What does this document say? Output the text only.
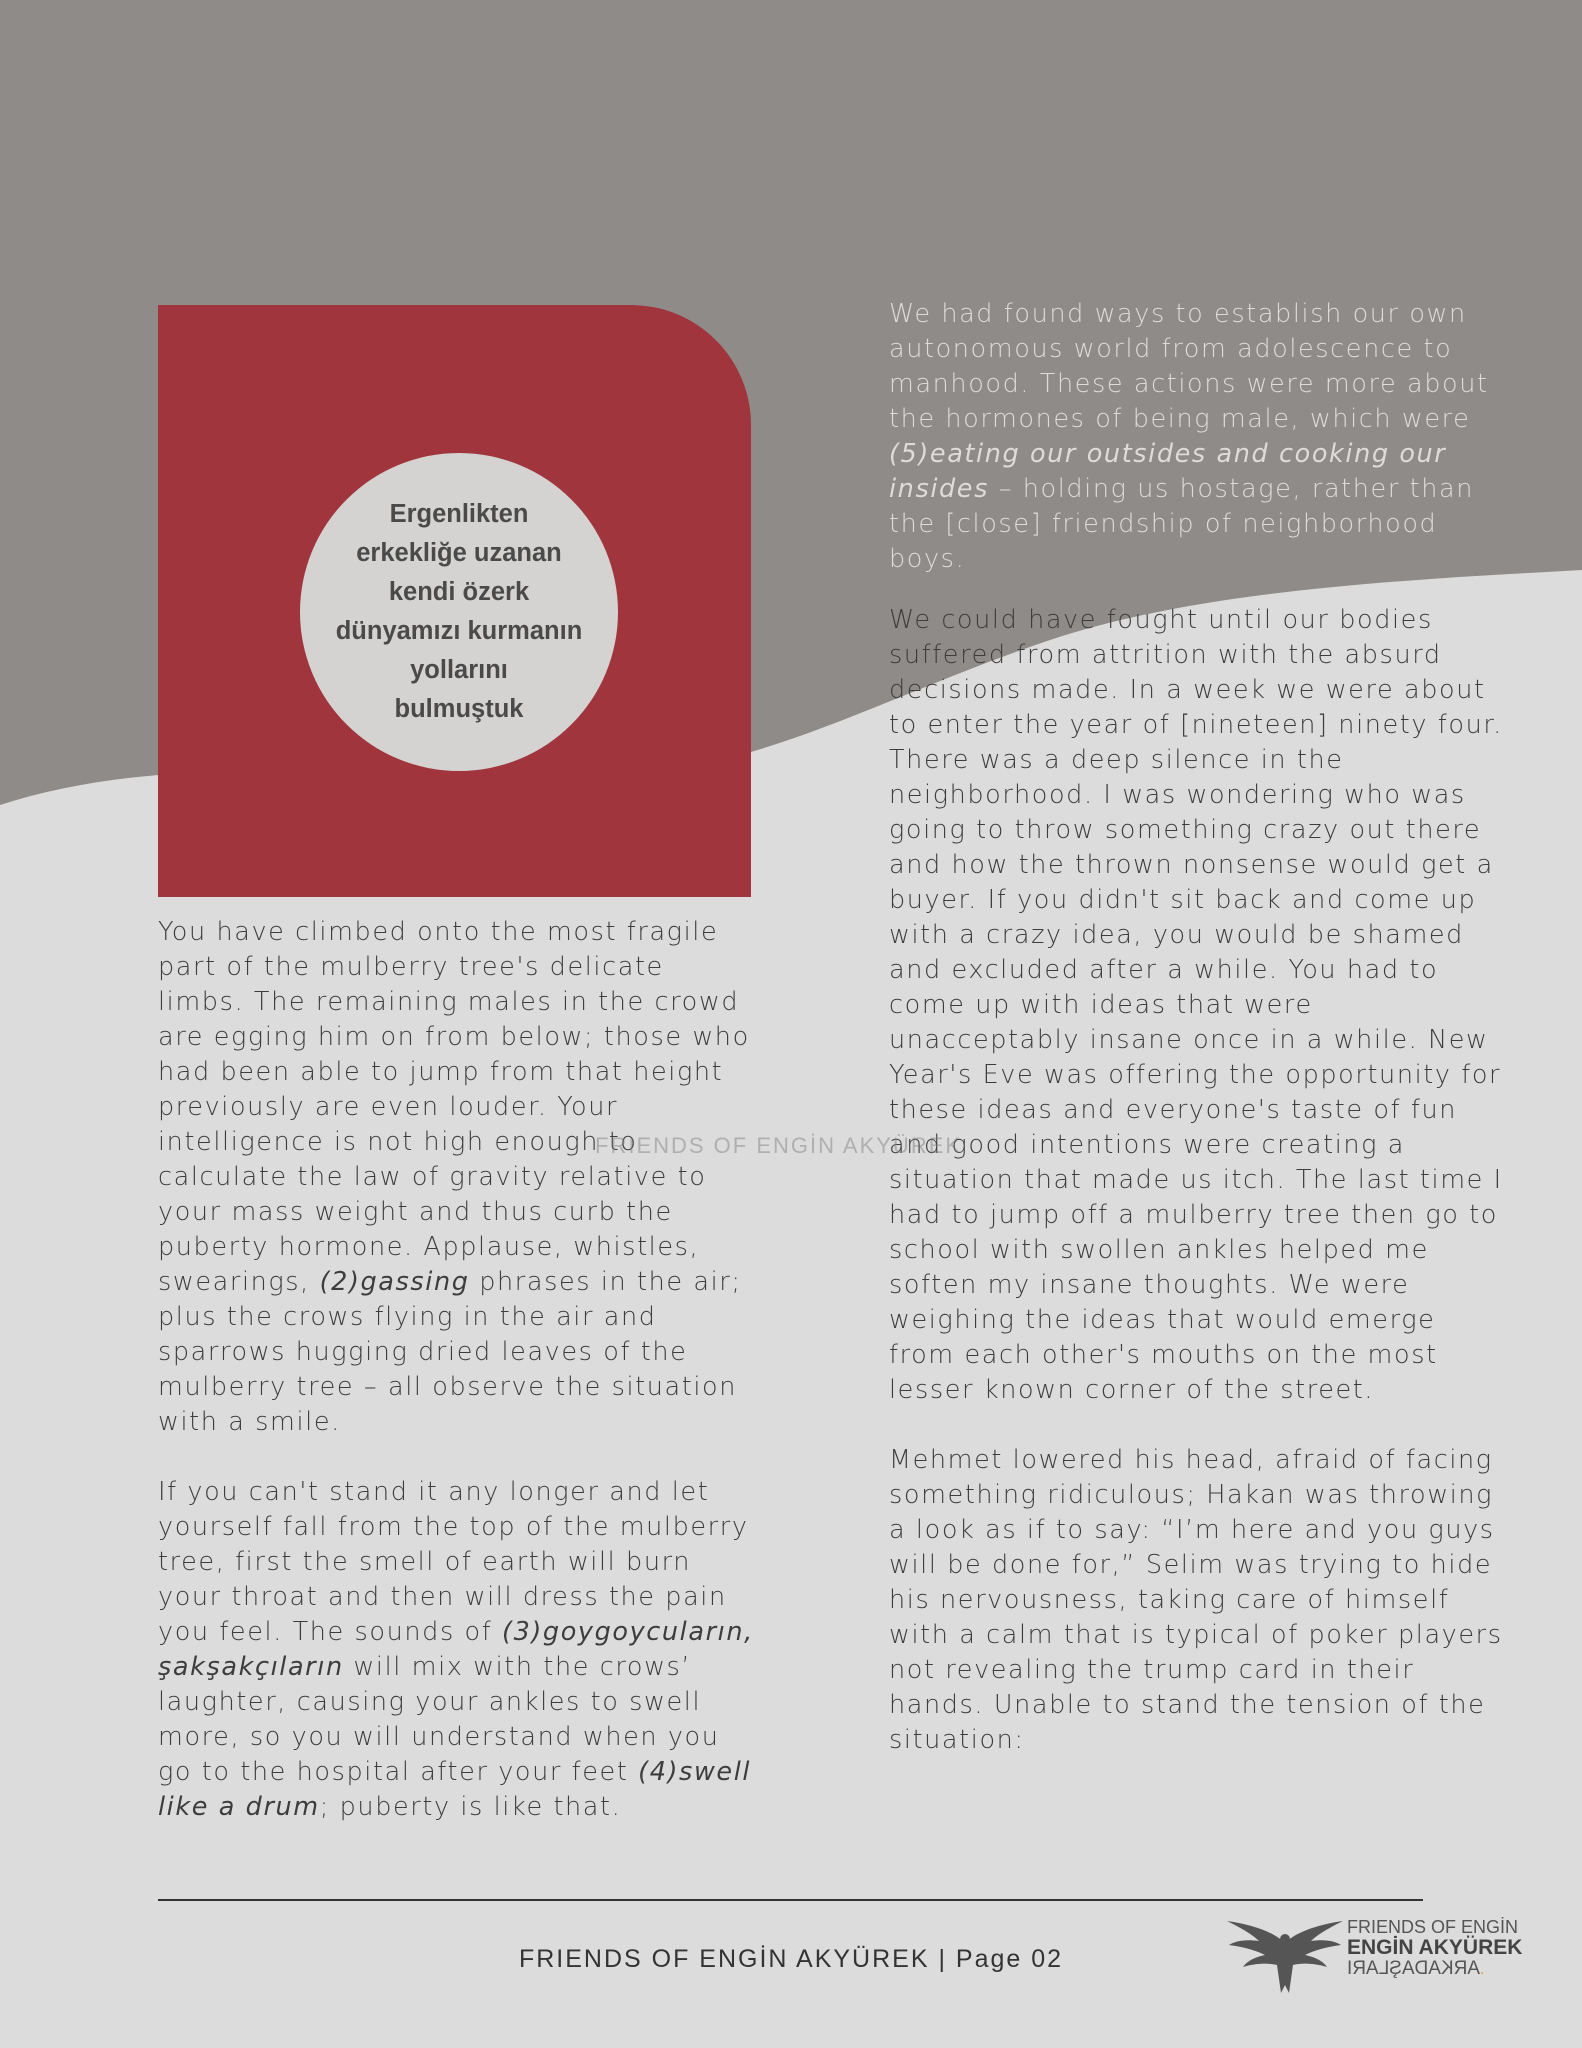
Ergenlikten
erkekliğe uzanan
kendi özerk
dünyamızı kurmanın
yollarını
bulmuştuk

You have climbed onto the most fragile part of the mulberry tree's delicate limbs. The remaining males in the crowd are egging him on from below; those who had been able to jump from that height previously are even louder. Your intelligence is not high enough to calculate the law of gravity relative to your mass weight and thus curb the puberty hormone. Applause, whistles, swearings, (2)gassing phrases in the air; plus the crows flying in the air and sparrows hugging dried leaves of the mulberry tree – all observe the situation with a smile.

If you can't stand it any longer and let yourself fall from the top of the mulberry tree, first the smell of earth will burn your throat and then will dress the pain you feel. The sounds of (3)goygoycuların, şakşakçıların will mix with the crows’ laughter, causing your ankles to swell more, so you will understand when you go to the hospital after your feet (4)swell like a drum; puberty is like that.

We had found ways to establish our own autonomous world from adolescence to manhood. These actions were more about the hormones of being male, which were (5)eating our outsides and cooking our insides – holding us hostage, rather than the [close] friendship of neighborhood boys.

We could have fought until our bodies suffered from attrition with the absurd decisions made. In a week we were about to enter the year of [nineteen] ninety four. There was a deep silence in the neighborhood. I was wondering who was going to throw something crazy out there and how the thrown nonsense would get a buyer. If you didn't sit back and come up with a crazy idea, you would be shamed and excluded after a while. You had to come up with ideas that were unacceptably insane once in a while. New Year's Eve was offering the opportunity for these ideas and everyone's taste of fun and good intentions were creating a situation that made us itch. The last time I had to jump off a mulberry tree then go to school with swollen ankles helped me soften my insane thoughts. We were weighing the ideas that would emerge from each other's mouths on the most lesser known corner of the street.

Mehmet lowered his head, afraid of facing something ridiculous; Hakan was throwing a look as if to say: “I’m here and you guys will be done for,” Selim was trying to hide his nervousness, taking care of himself with a calm that is typical of poker players not revealing the trump card in their hands. Unable to stand the tension of the situation:

FRIENDS OF ENGİN AKYÜREK
FRIENDS OF ENGİN AKYÜREK | Page 02
FRIENDS OF ENGİN
ENGİN AKYÜREK
ARKADAŞLARI.
